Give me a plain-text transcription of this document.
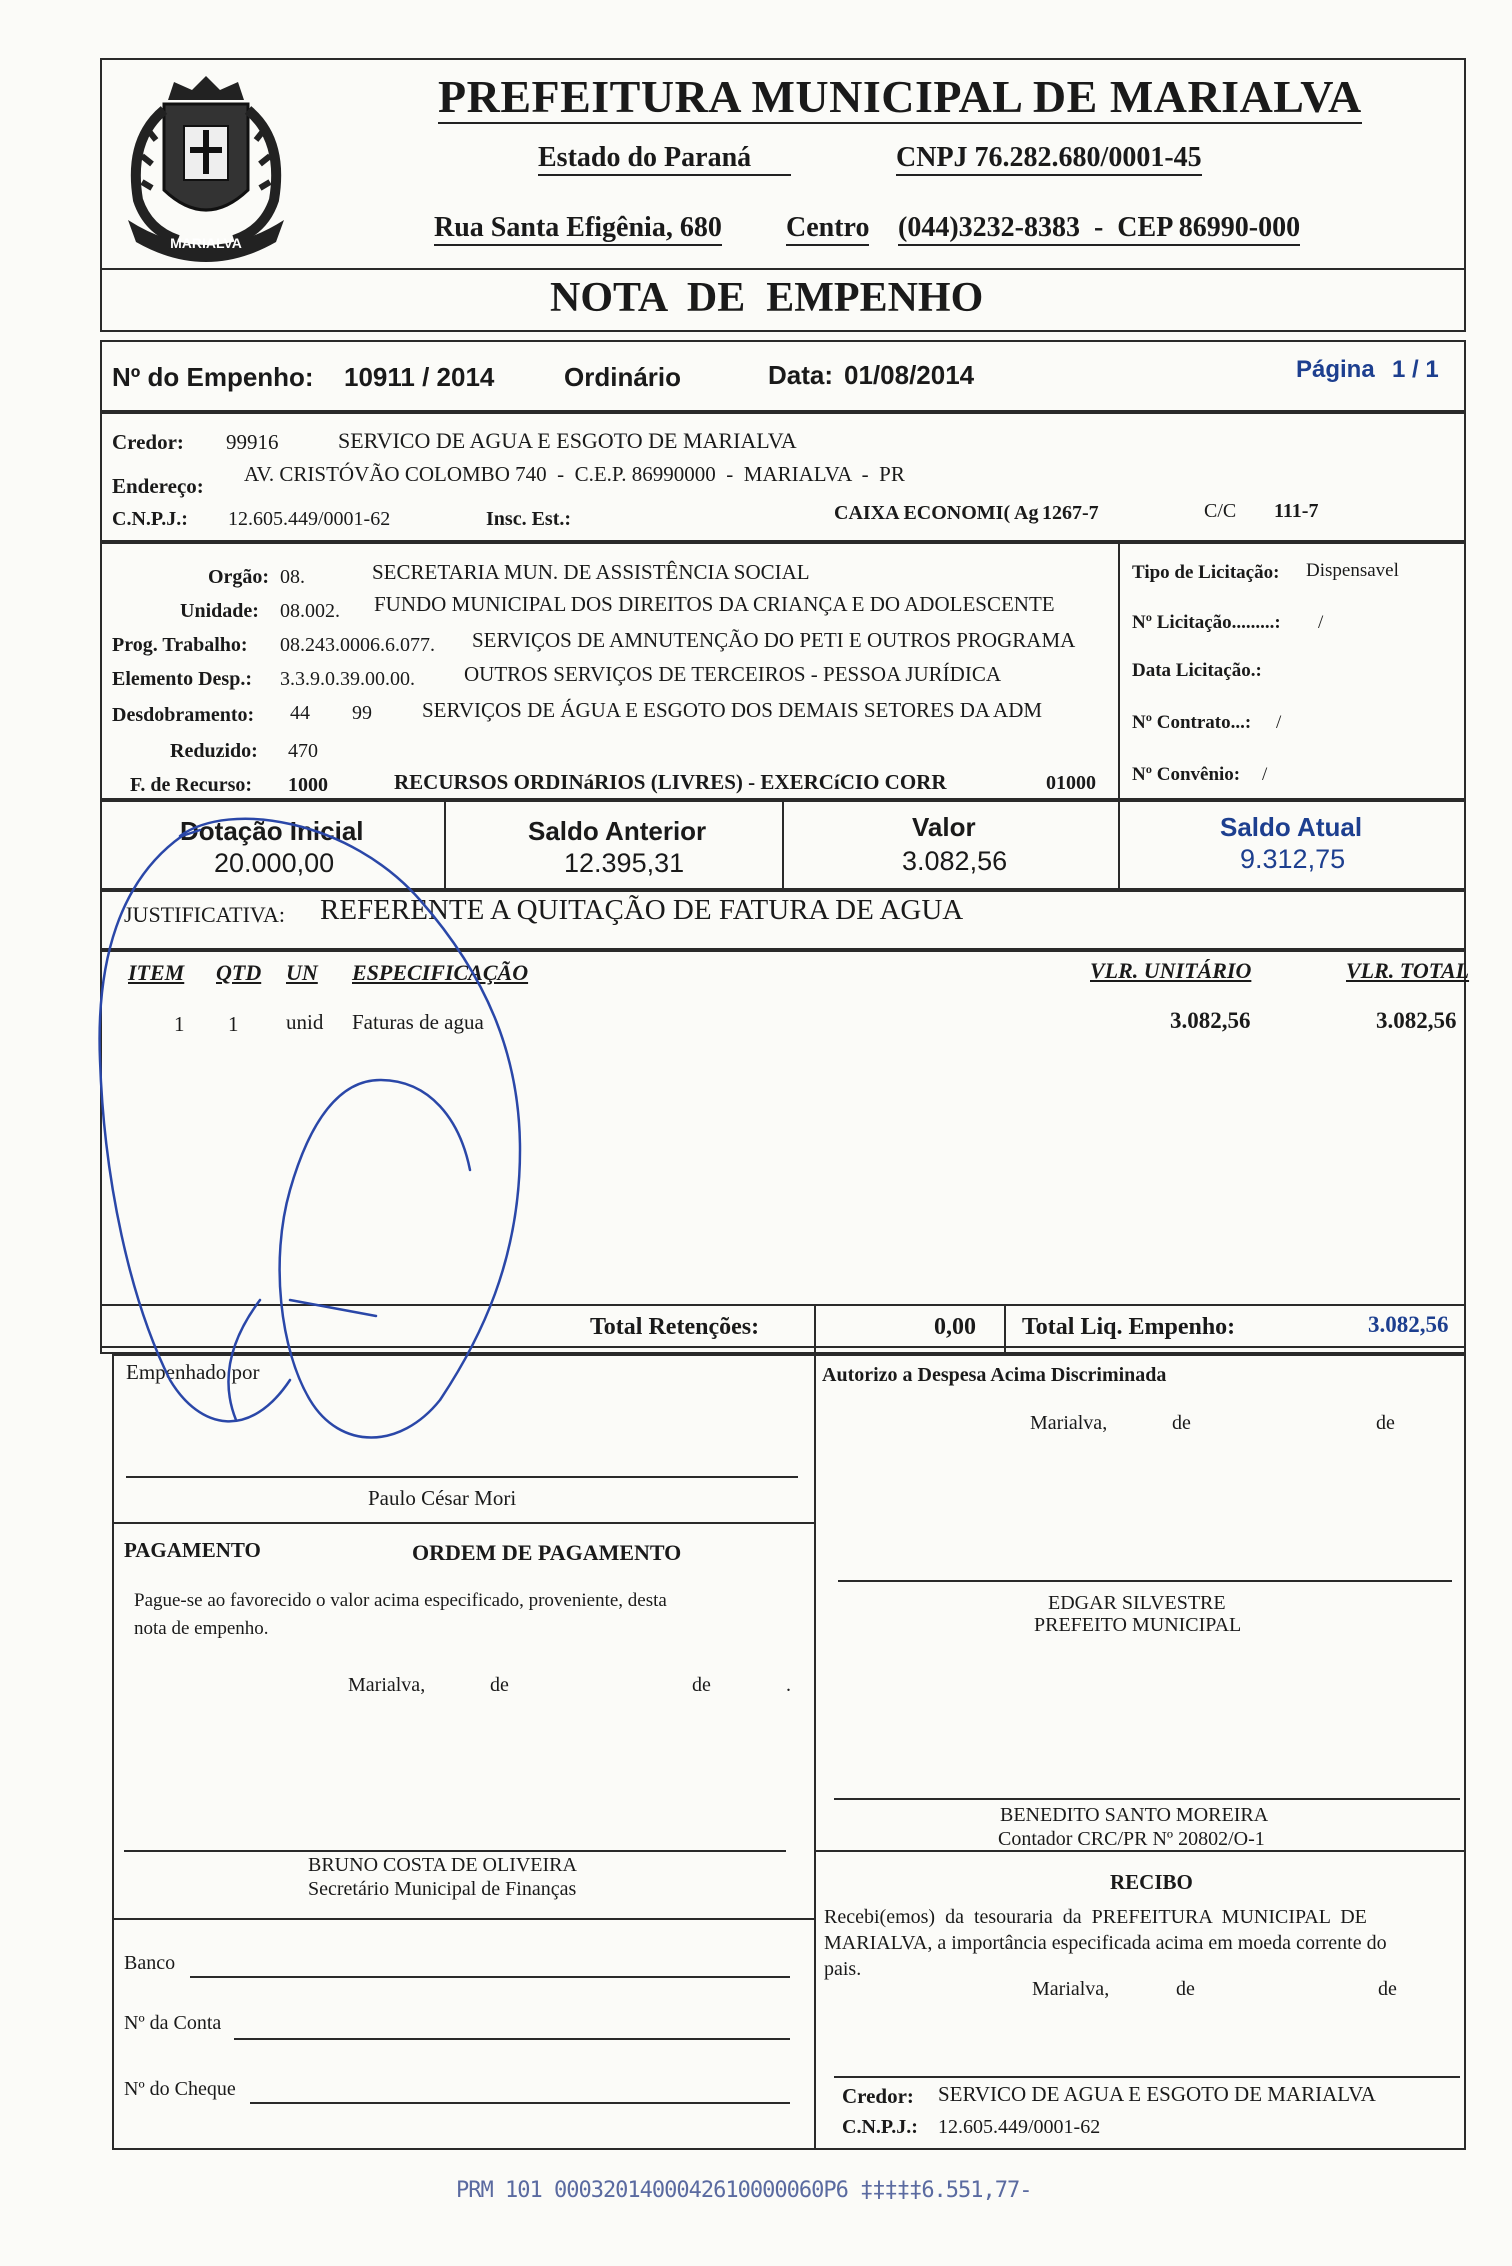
MARIALVA
PREFEITURA MUNICIPAL DE MARIALVA
Estado do Paraná	CNPJ 76.282.680/0001-45
Rua Santa Efigênia, 680 Centro (044)3232-8383  -  CEP 86990-000
NOTA  DE  EMPENHO
Nº do Empenho: 10911 / 2014	Ordinário	Data: 01/08/2014	Página 1 / 1
Credor: 99916	SERVICO DE AGUA E ESGOTO DE MARIALVA
Endereço: AV. CRISTÓVÃO COLOMBO 740  -  C.E.P. 86990000  -  MARIALVA  -  PR
C.N.P.J.: 12.605.449/0001-62	Insc. Est.:	CAIXA ECONOMI( Ag 1267-7	C/C 111-7
Orgão: 08.	SECRETARIA MUN. DE ASSISTÊNCIA SOCIAL
Unidade: 08.002. FUNDO MUNICIPAL DOS DIREITOS DA CRIANÇA E DO ADOLESCENTE
Prog. Trabalho: 08.243.0006.6.077. SERVIÇOS DE AMNUTENÇÃO DO PETI E OUTROS PROGRAMA
Elemento Desp.: 3.3.9.0.39.00.00. OUTROS SERVIÇOS DE TERCEIROS - PESSOA JURÍDICA
Desdobramento: 44 99 SERVIÇOS DE ÁGUA E ESGOTO DOS DEMAIS SETORES DA ADM
Reduzido: 470
F. de Recurso: 1000	RECURSOS ORDINáRIOS (LIVRES) - EXERCíCIO CORR	01000
Tipo de Licitação: Dispensavel
Nº Licitação.........: /
Data Licitação.:
Nº Contrato...: /
Nº Convênio: /
Dotação Inicial
20.000,00
Saldo Anterior
12.395,31
Valor
3.082,56
Saldo Atual
9.312,75
JUSTIFICATIVA: REFERENTE A QUITAÇÃO DE FATURA DE AGUA
ITEM QTD UN ESPECIFICAÇÃO	VLR. UNITÁRIO	VLR. TOTAL
1 1 unid Faturas de agua	3.082,56	3.082,56
Total Retenções:	0,00 Total Liq. Empenho:	3.082,56
Empenhado por
Paulo César Mori
Autorizo a Despesa Acima Discriminada
Marialva,	de	de
EDGAR SILVESTRE
PREFEITO MUNICIPAL
PAGAMENTO	ORDEM DE PAGAMENTO
Pague-se ao favorecido o valor acima especificado, proveniente, desta
nota de empenho.
Marialva,	de	de	.
BENEDITO SANTO MOREIRA
Contador CRC/PR Nº 20802/O-1
BRUNO COSTA DE OLIVEIRA
Secretário Municipal de Finanças	RECIBO
Recebi(emos)  da  tesouraria  da  PREFEITURA  MUNICIPAL  DE
MARIALVA, a importância especificada acima em moeda corrente do
pais.
Marialva,	de	de
Banco
Nº da Conta
Nº do Cheque	Credor: SERVICO DE AGUA E ESGOTO DE MARIALVA
C.N.P.J.: 12.605.449/0001-62
PRM 101 0003201400042610000060P6 ‡‡‡‡‡6.551,77-
